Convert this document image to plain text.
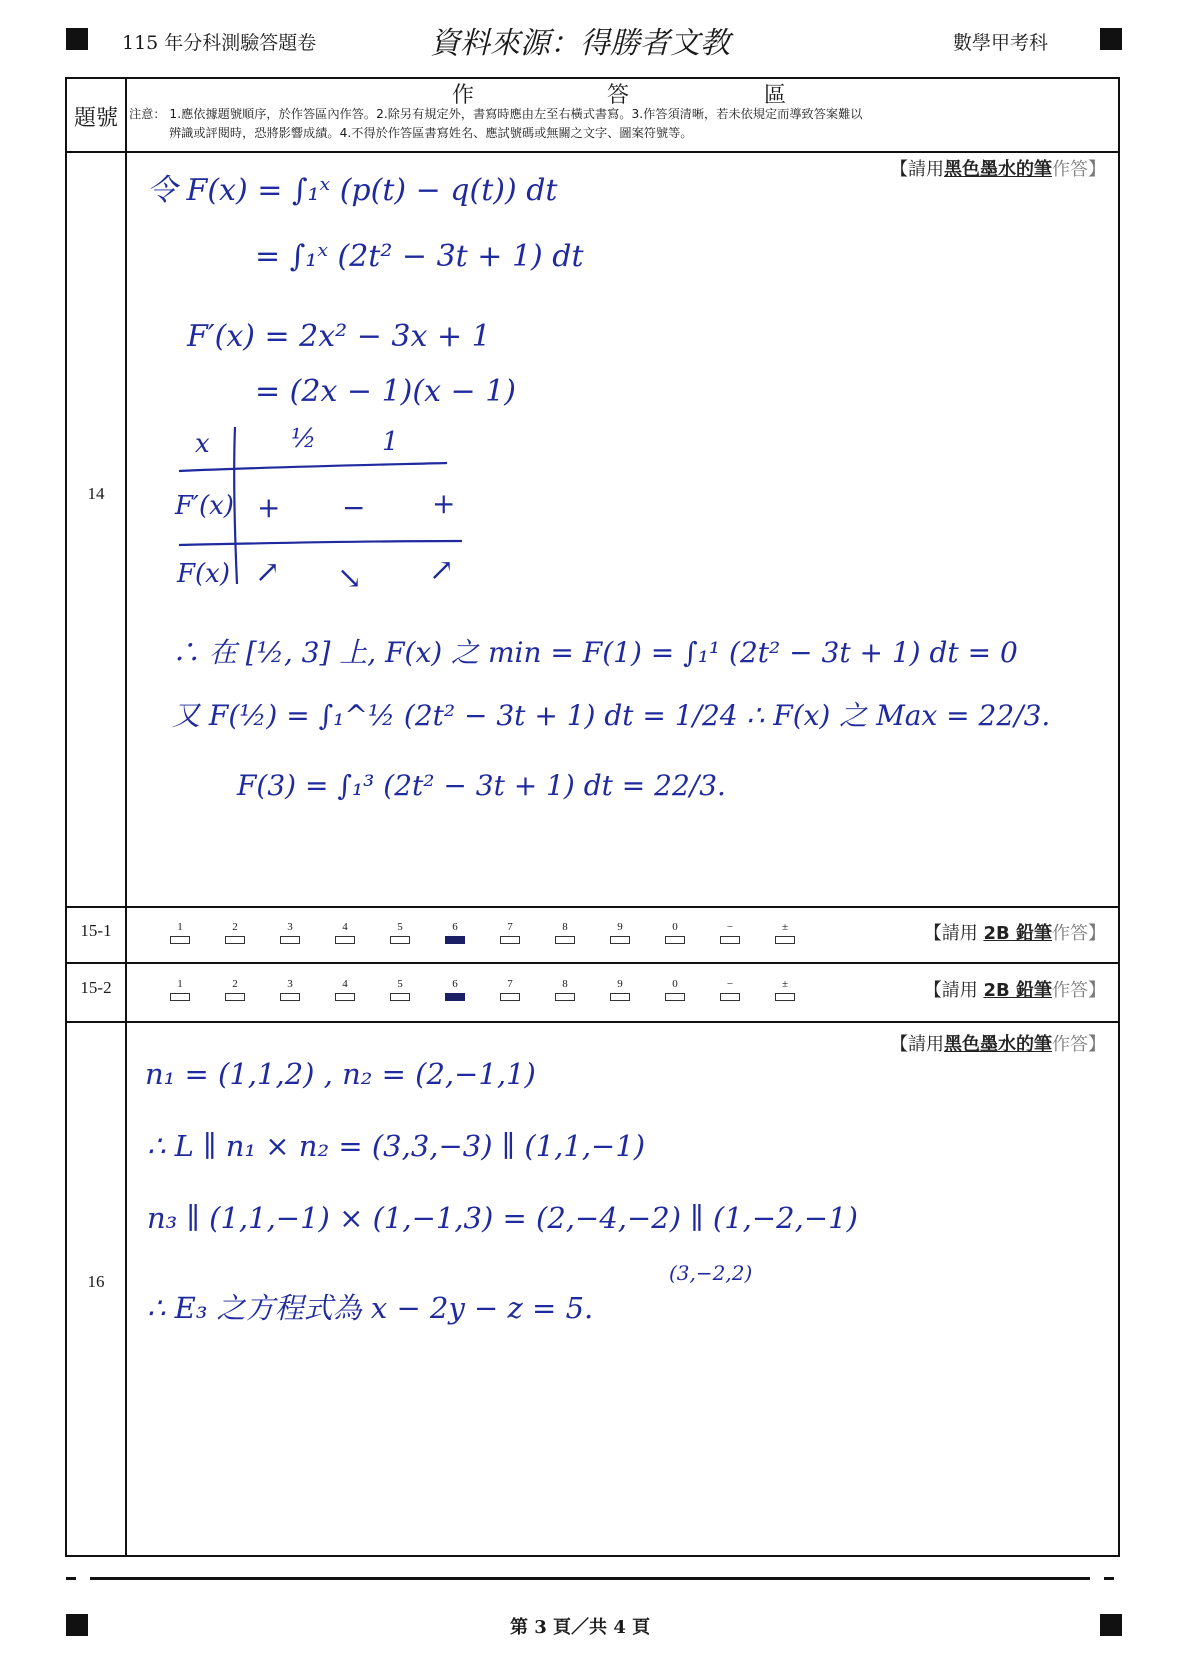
115 年分科測驗答題卷	資料來源：得勝者文教	數學甲考科
題號
作	答	區
注意： 1.應依據題號順序，於作答區內作答。2.除另有規定外，書寫時應由左至右橫式書寫。3.作答須清晰，若未依規定而導致答案難以
辨識或評閱時，恐將影響成績。4.不得於作答區書寫姓名、應試號碼或無關之文字、圖案符號等。
14
【請用黑色墨水的筆作答】
令 F(x) = ∫₁ˣ (p(t) − q(t)) dt
= ∫₁ˣ (2t² − 3t + 1) dt
F′(x) = 2x² − 3x + 1
= (2x − 1)(x − 1)
x	½	1
F′(x) + − +
F(x) ↗ ↘ ↗
∴ 在 [½, 3] 上, F(x) 之 min = F(1) = ∫₁¹ (2t² − 3t + 1) dt = 0
又 F(½) = ∫₁^½ (2t² − 3t + 1) dt = 1/24 ∴ F(x) 之 Max = 22/3.
F(3) = ∫₁³ (2t² − 3t + 1) dt = 22/3.
15-1	1	2	3	4	5	6	7	8	9	0	−	±	【請用 2B 鉛筆作答】
15-2	1	2	3	4	5	6	7	8	9	0	−	±	【請用 2B 鉛筆作答】
16
【請用黑色墨水的筆作答】
n₁ = (1,1,2) , n₂ = (2,−1,1)
∴ L ∥ n₁ × n₂ = (3,3,−3) ∥ (1,1,−1)
n₃ ∥ (1,1,−1) × (1,−1,3) = (2,−4,−2) ∥ (1,−2,−1)
(3,−2,2)
∴ E₃ 之方程式為 x − 2y − z = 5.
第 3 頁／共 4 頁
